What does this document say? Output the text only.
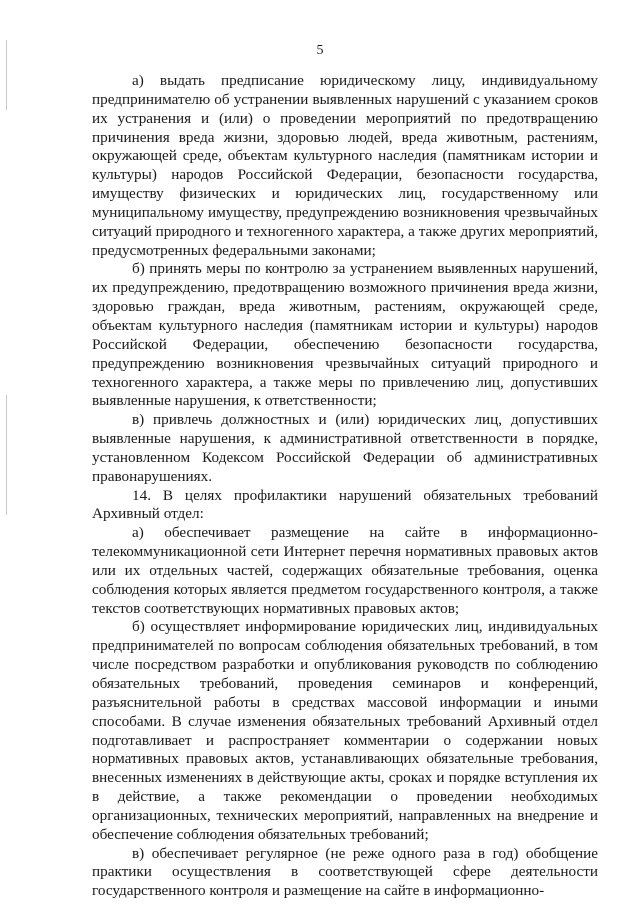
5

а) выдать предписание юридическому лицу, индивидуальному предпринимателю об устранении выявленных нарушений с указанием сроков их устранения и (или) о проведении мероприятий по предотвращению причинения вреда жизни, здоровью людей, вреда животным, растениям, окружающей среде, объектам культурного наследия (памятникам истории и культуры) народов Российской Федерации, безопасности государства, имуществу физических и юридических лиц, государственному или муниципальному имуществу, предупреждению возникновения чрезвычайных ситуаций природного и техногенного характера, а также других мероприятий, предусмотренных федеральными законами;

б) принять меры по контролю за устранением выявленных нарушений, их предупреждению, предотвращению возможного причинения вреда жизни, здоровью граждан, вреда животным, растениям, окружающей среде, объектам культурного наследия (памятникам истории и культуры) народов Российской Федерации, обеспечению безопасности государства, предупреждению возникновения чрезвычайных ситуаций природного и техногенного характера, а также меры по привлечению лиц, допустивших выявленные нарушения, к ответственности;

в) привлечь должностных и (или) юридических лиц, допустивших выявленные нарушения, к административной ответственности в порядке, установленном Кодексом Российской Федерации об административных правонарушениях.

14. В целях профилактики нарушений обязательных требований Архивный отдел:

а) обеспечивает размещение на сайте в информационно-телекоммуникационной сети Интернет перечня нормативных правовых актов или их отдельных частей, содержащих обязательные требования, оценка соблюдения которых является предметом государственного контроля, а также текстов соответствующих нормативных правовых актов;

б) осуществляет информирование юридических лиц, индивидуальных предпринимателей по вопросам соблюдения обязательных требований, в том числе посредством разработки и опубликования руководств по соблюдению обязательных требований, проведения семинаров и конференций, разъяснительной работы в средствах массовой информации и иными способами. В случае изменения обязательных требований Архивный отдел подготавливает и распространяет комментарии о содержании новых нормативных правовых актов, устанавливающих обязательные требования, внесенных изменениях в действующие акты, сроках и порядке вступления их в действие, а также рекомендации о проведении необходимых организационных, технических мероприятий, направленных на внедрение и обеспечение соблюдения обязательных требований;

в) обеспечивает регулярное (не реже одного раза в год) обобщение практики осуществления в соответствующей сфере деятельности государственного контроля и размещение на сайте в информационно-
